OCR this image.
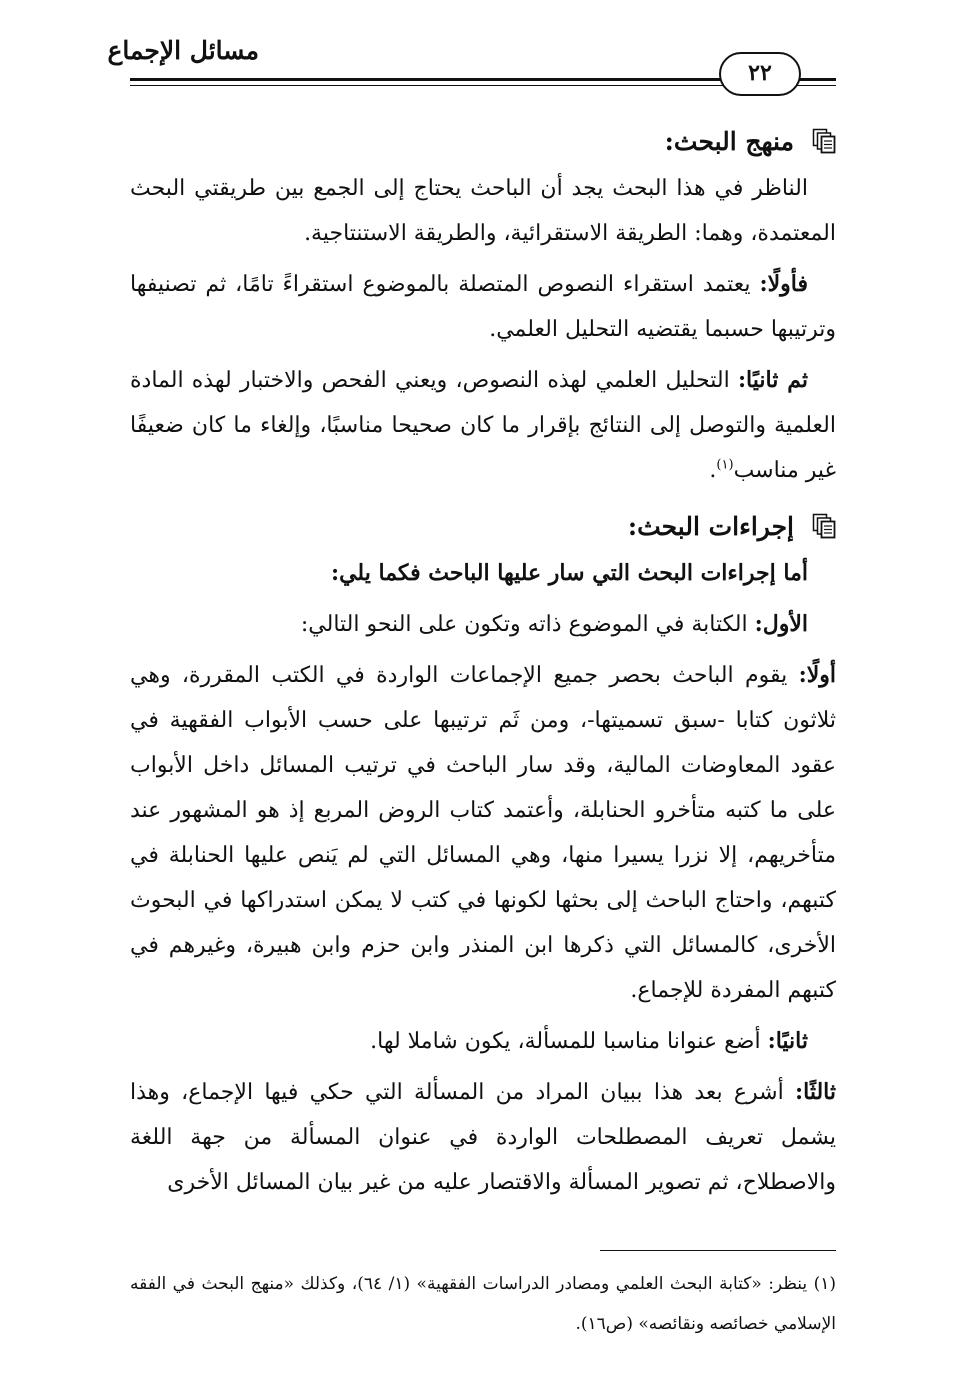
مسائل الإجماع
٢٢
منهج البحث:

الناظر في هذا البحث يجد أن الباحث يحتاج إلى الجمع بين طريقتي البحث المعتمدة، وهما: الطريقة الاستقرائية، والطريقة الاستنتاجية.

فأولًا: يعتمد استقراء النصوص المتصلة بالموضوع استقراءً تامًا، ثم تصنيفها وترتيبها حسبما يقتضيه التحليل العلمي.

ثم ثانيًا: التحليل العلمي لهذه النصوص، ويعني الفحص والاختبار لهذه المادة العلمية والتوصل إلى النتائج بإقرار ما كان صحيحا مناسبًا، وإلغاء ما كان ضعيفًا غير مناسب$^{(١)}$.

إجراءات البحث:

أما إجراءات البحث التي سار عليها الباحث فكما يلي:

الأول: الكتابة في الموضوع ذاته وتكون على النحو التالي:

أولًا: يقوم الباحث بحصر جميع الإجماعات الواردة في الكتب المقررة، وهي ثلاثون كتابا -سبق تسميتها-، ومن ثَم ترتيبها على حسب الأبواب الفقهية في عقود المعاوضات المالية، وقد سار الباحث في ترتيب المسائل داخل الأبواب على ما كتبه متأخرو الحنابلة، وأعتمد كتاب الروض المربع إذ هو المشهور عند متأخريهم، إلا نزرا يسيرا منها، وهي المسائل التي لم يَنص عليها الحنابلة في كتبهم، واحتاج الباحث إلى بحثها لكونها في كتب لا يمكن استدراكها في البحوث الأخرى، كالمسائل التي ذكرها ابن المنذر وابن حزم وابن هبيرة، وغيرهم في كتبهم المفردة للإجماع.

ثانيًا: أضع عنوانا مناسبا للمسألة، يكون شاملا لها.

ثالثًا: أشرع بعد هذا ببيان المراد من المسألة التي حكي فيها الإجماع، وهذا يشمل تعريف المصطلحات الواردة في عنوان المسألة من جهة اللغة والاصطلاح، ثم تصوير المسألة والاقتصار عليه من غير بيان المسائل الأخرى

(١) ينظر: «كتابة البحث العلمي ومصادر الدراسات الفقهية» (١/ ٦٤)، وكذلك «منهج البحث في الفقه الإسلامي خصائصه ونقائصه» (ص١٦).
